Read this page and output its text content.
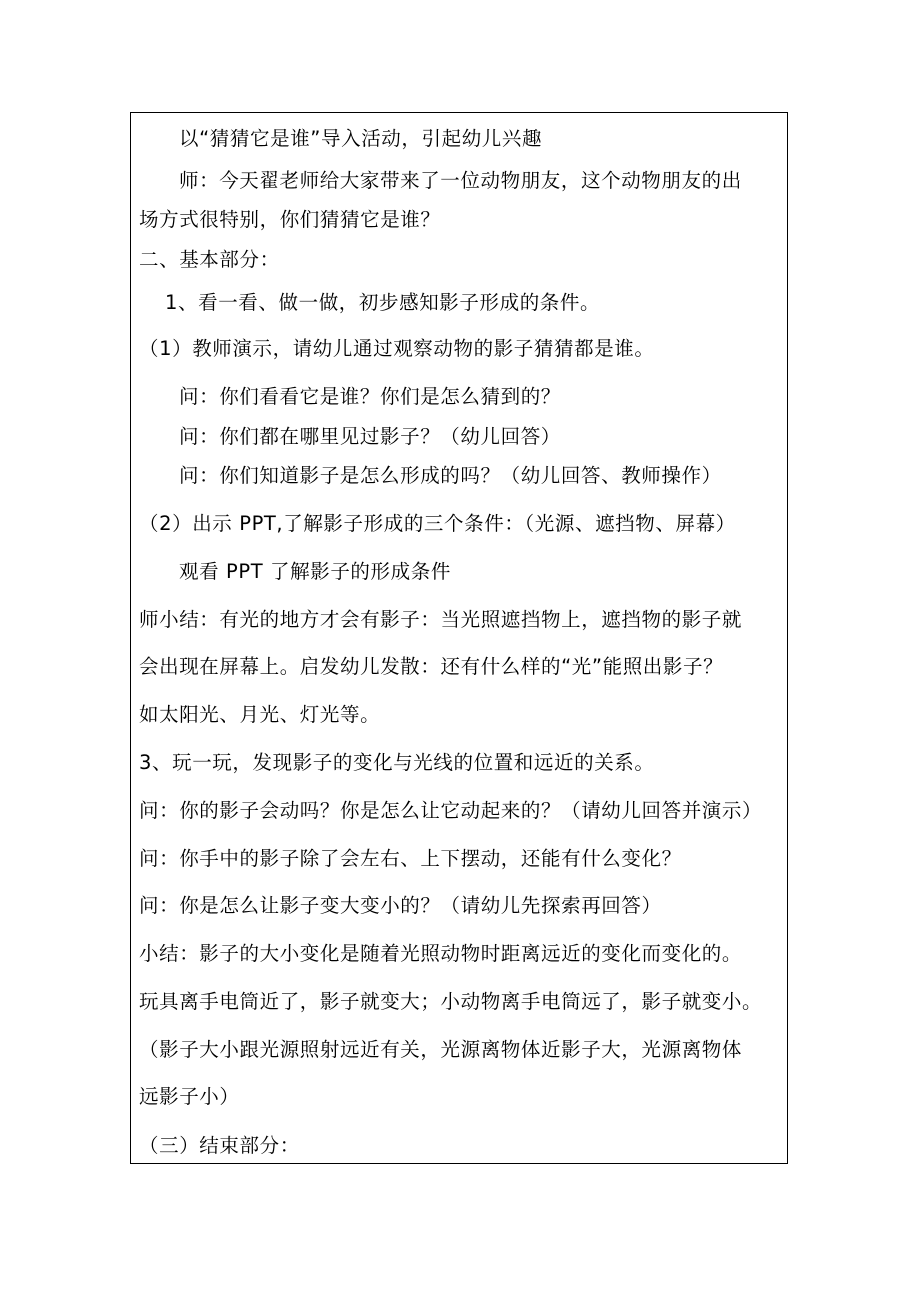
以“猜猜它是谁”导入活动，引起幼儿兴趣
师：今天翟老师给大家带来了一位动物朋友，这个动物朋友的出
场方式很特别，你们猜猜它是谁？
二、基本部分：
1、看一看、做一做，初步感知影子形成的条件。
（1）教师演示，请幼儿通过观察动物的影子猜猜都是谁。
问：你们看看它是谁？你们是怎么猜到的？
问：你们都在哪里见过影子？（幼儿回答）
问：你们知道影子是怎么形成的吗？（幼儿回答、教师操作）
（2）出示 PPT,了解影子形成的三个条件：（光源、遮挡物、屏幕）
观看 PPT 了解影子的形成条件
师小结：有光的地方才会有影子：当光照遮挡物上，遮挡物的影子就
会出现在屏幕上。启发幼儿发散：还有什么样的“光”能照出影子？
如太阳光、月光、灯光等。
3、玩一玩，发现影子的变化与光线的位置和远近的关系。
问：你的影子会动吗？你是怎么让它动起来的？（请幼儿回答并演示）
问：你手中的影子除了会左右、上下摆动，还能有什么变化？
问：你是怎么让影子变大变小的？（请幼儿先探索再回答）
小结：影子的大小变化是随着光照动物时距离远近的变化而变化的。
玩具离手电筒近了，影子就变大；小动物离手电筒远了，影子就变小。
（影子大小跟光源照射远近有关，光源离物体近影子大，光源离物体
远影子小）
（三）结束部分：
